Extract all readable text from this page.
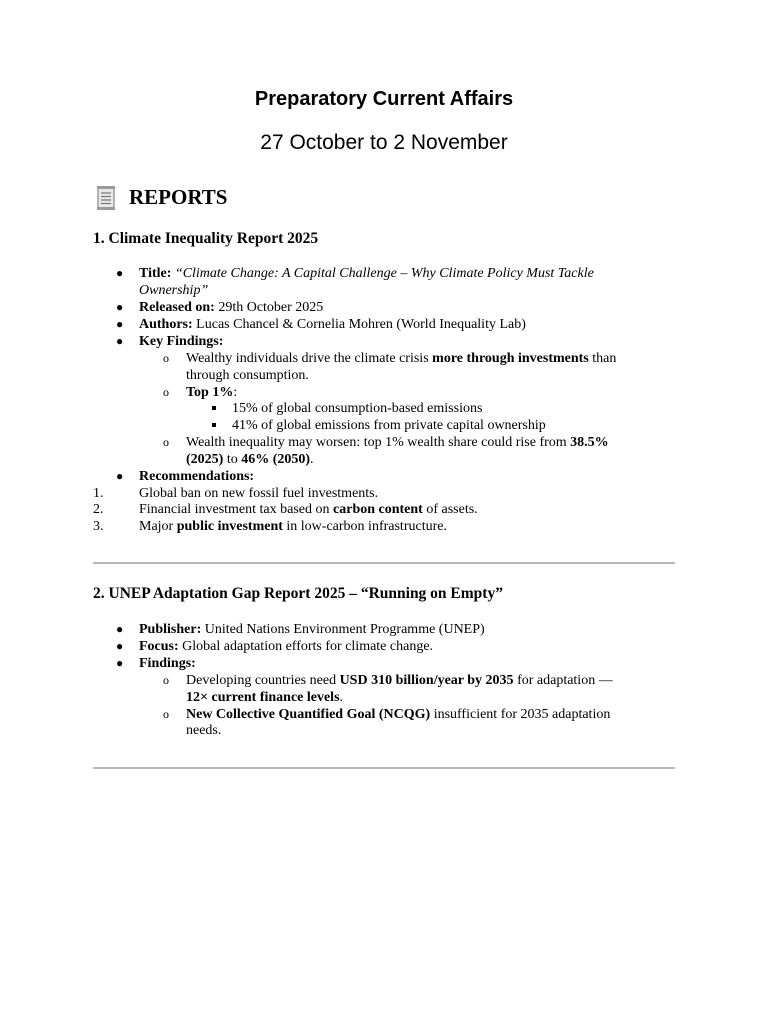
Preparatory Current Affairs
27 October to 2 November
REPORTS
1. Climate Inequality Report 2025
● Title: “Climate Change: A Capital Challenge – Why Climate Policy Must Tackle
Ownership”
● Released on: 29th October 2025
● Authors: Lucas Chancel & Cornelia Mohren (World Inequality Lab)
● Key Findings:
o Wealthy individuals drive the climate crisis more through investments than
through consumption.
o Top 1%:
15% of global consumption-based emissions
41% of global emissions from private capital ownership
o Wealth inequality may worsen: top 1% wealth share could rise from 38.5%
(2025) to 46% (2050).
● Recommendations:
1.	Global ban on new fossil fuel investments.
2.	Financial investment tax based on carbon content of assets.
3.	Major public investment in low-carbon infrastructure.
2. UNEP Adaptation Gap Report 2025 – “Running on Empty”
● Publisher: United Nations Environment Programme (UNEP)
● Focus: Global adaptation efforts for climate change.
● Findings:
o Developing countries need USD 310 billion/year by 2035 for adaptation —
12× current finance levels.
o New Collective Quantified Goal (NCQG) insufficient for 2035 adaptation
needs.
